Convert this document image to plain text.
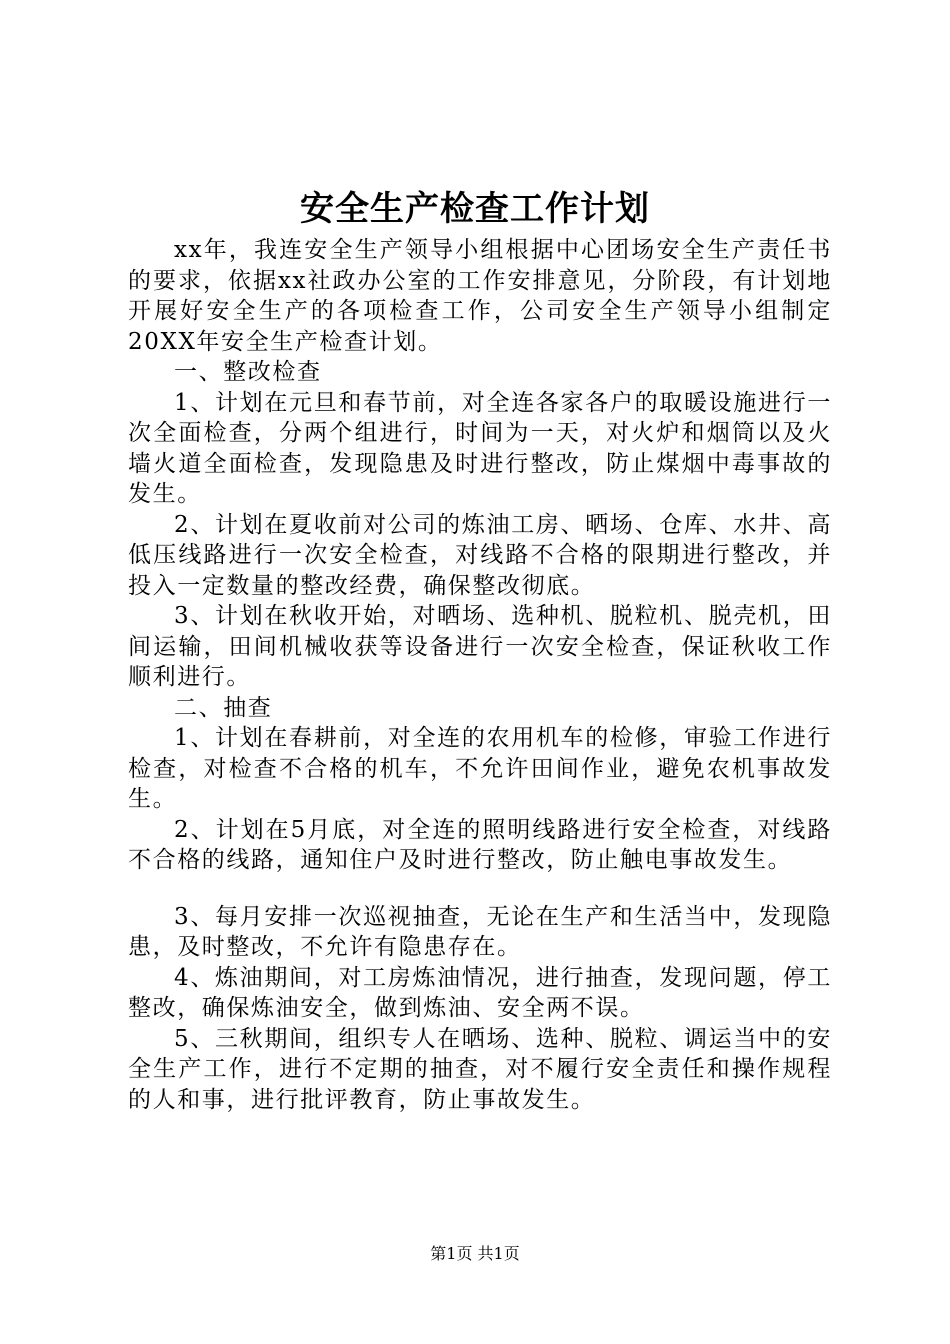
安全生产检查工作计划

xx年，我连安全生产领导小组根据中心团场安全生产责任书的要求，依据xx社政办公室的工作安排意见，分阶段，有计划地开展好安全生产的各项检查工作，公司安全生产领导小组制定20XX年安全生产检查计划。

一、整改检查

1、计划在元旦和春节前，对全连各家各户的取暖设施进行一次全面检查，分两个组进行，时间为一天，对火炉和烟筒以及火墙火道全面检查，发现隐患及时进行整改，防止煤烟中毒事故的发生。

2、计划在夏收前对公司的炼油工房、晒场、仓库、水井、高低压线路进行一次安全检查，对线路不合格的限期进行整改，并投入一定数量的整改经费，确保整改彻底。

3、计划在秋收开始，对晒场、选种机、脱粒机、脱壳机，田间运输，田间机械收获等设备进行一次安全检查，保证秋收工作顺利进行。

二、抽查

1、计划在春耕前，对全连的农用机车的检修，审验工作进行检查，对检查不合格的机车，不允许田间作业，避免农机事故发生。

2、计划在5月底，对全连的照明线路进行安全检查，对线路不合格的线路，通知住户及时进行整改，防止触电事故发生。

3、每月安排一次巡视抽查，无论在生产和生活当中，发现隐患，及时整改，不允许有隐患存在。

4、炼油期间，对工房炼油情况，进行抽查，发现问题，停工整改，确保炼油安全，做到炼油、安全两不误。

5、三秋期间，组织专人在晒场、选种、脱粒、调运当中的安全生产工作，进行不定期的抽查，对不履行安全责任和操作规程的人和事，进行批评教育，防止事故发生。

第1页 共1页
